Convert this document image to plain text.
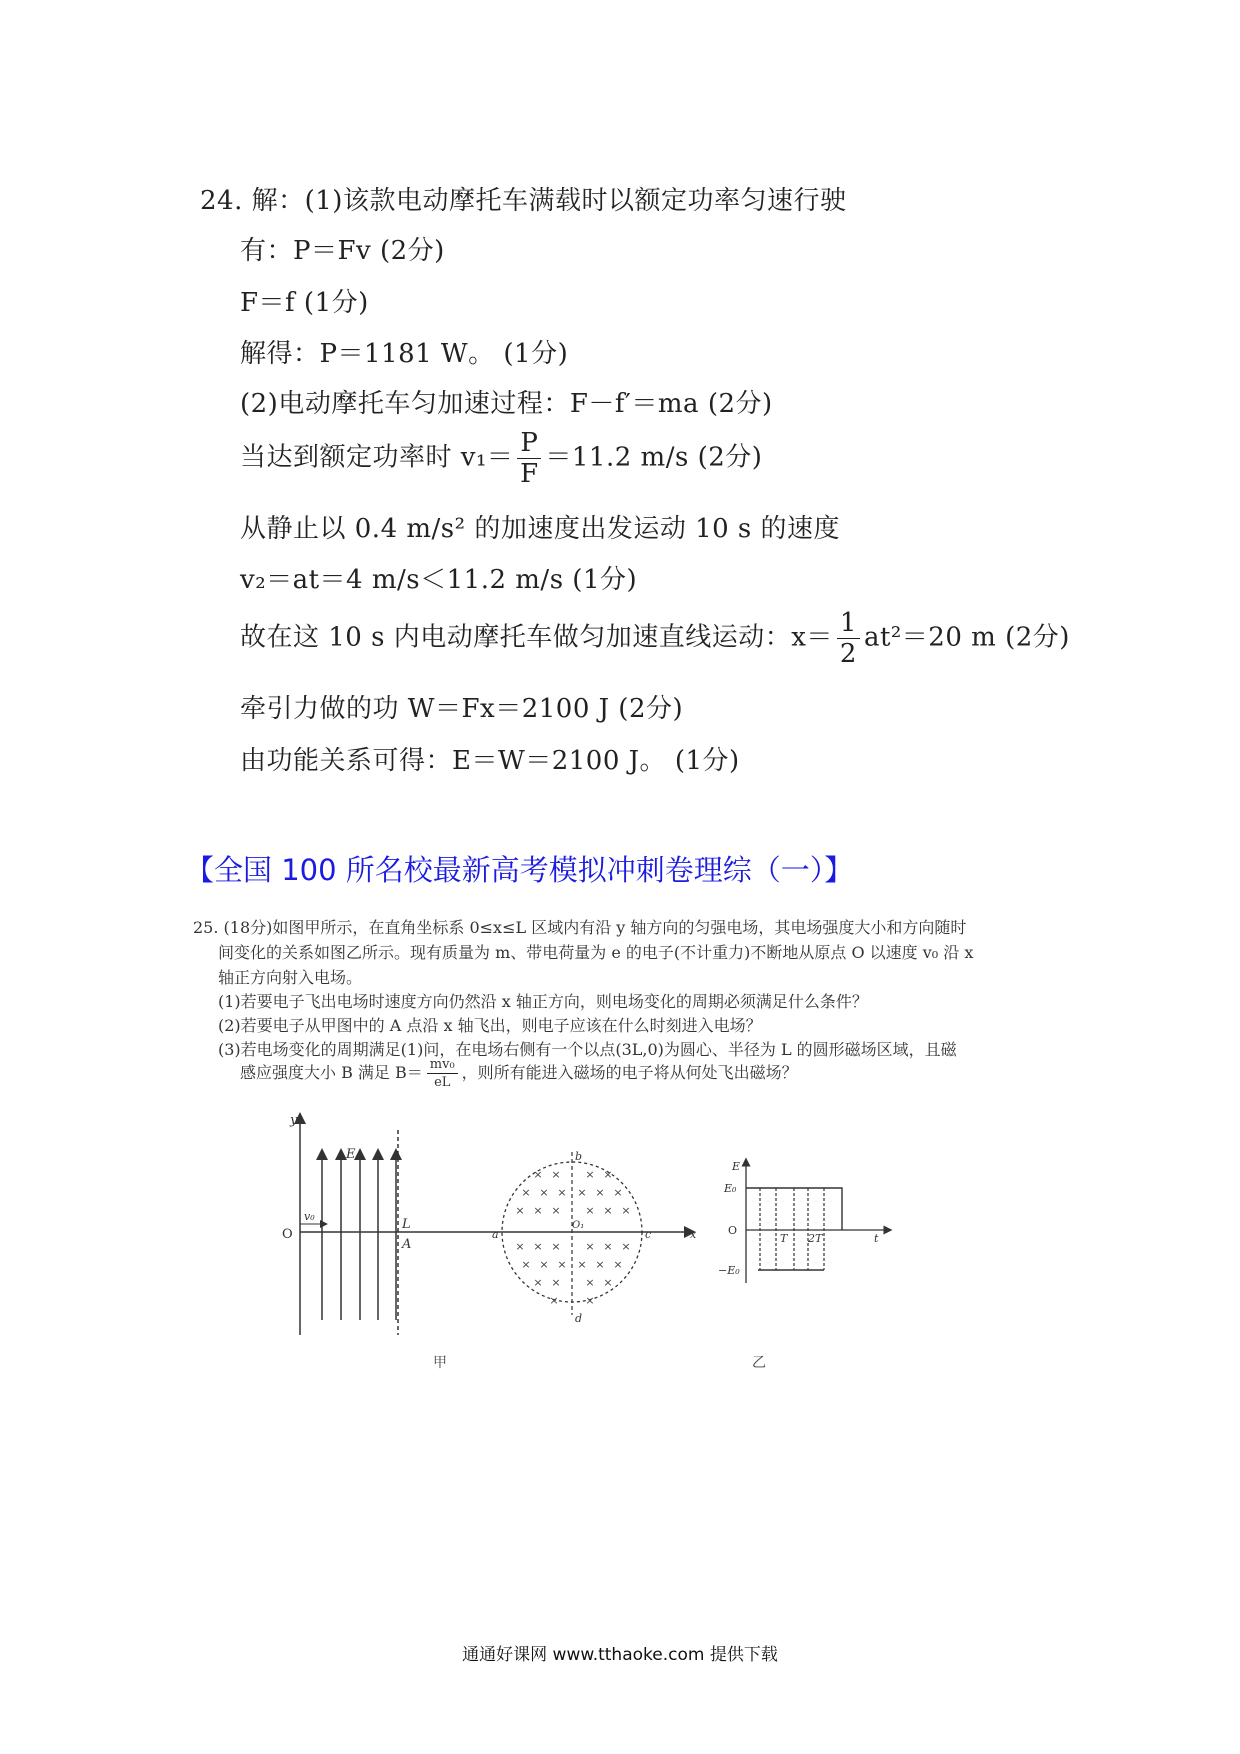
24. 解：(1)该款电动摩托车满载时以额定功率匀速行驶
有：P＝Fv (2分)
F＝f (1分)
解得：P＝1181 W。 (1分)
(2)电动摩托车匀加速过程：F－f′＝ma (2分)
当达到额定功率时 $v_1= \frac{P}{F} =11.2$ m/s (2分)
从静止以 0.4 m/s² 的加速度出发运动 10 s 的速度
v₂＝at＝4 m/s＜11.2 m/s (1分)
故在这 10 s 内电动摩托车做匀加速直线运动：$x= \frac{1}{2} at^2=20$ m (2分)
牵引力做的功 W＝Fx＝2100 J (2分)
由功能关系可得：E＝W＝2100 J。 (1分)
【全国 100 所名校最新高考模拟冲刺卷理综（一）】
25. (18分)如图甲所示，在直角坐标系 0≤x≤L 区域内有沿 y 轴方向的匀强电场，其电场强度大小和方向随时
间变化的关系如图乙所示。现有质量为 m、带电荷量为 e 的电子(不计重力)不断地从原点 O 以速度 v₀ 沿 x
轴正方向射入电场。
(1)若要电子飞出电场时速度方向仍然沿 x 轴正方向，则电场变化的周期必须满足什么条件？
(2)若要电子从甲图中的 A 点沿 x 轴飞出，则电子应该在什么时刻进入电场？
(3)若电场变化的周期满足(1)问，在电场右侧有一个以点(3L,0)为圆心、半径为 L 的圆形磁场区域，且磁
感应强度大小 B 满足 $B= \frac{\text{mv₀}}{eL}$ ，则所有能进入磁场的电子将从何处飞出磁场？
× × × ×
× × × × × ×
× × × × × ×
× × × × × ×
× × × × × ×
× × × ×
× ×
y
E
O
v₀
L
A
a
b
c
d
O₁
x
甲
E
E₀
O
−E₀
T 2T	t
乙
通通好课网 www.tthaoke.com 提供下载
